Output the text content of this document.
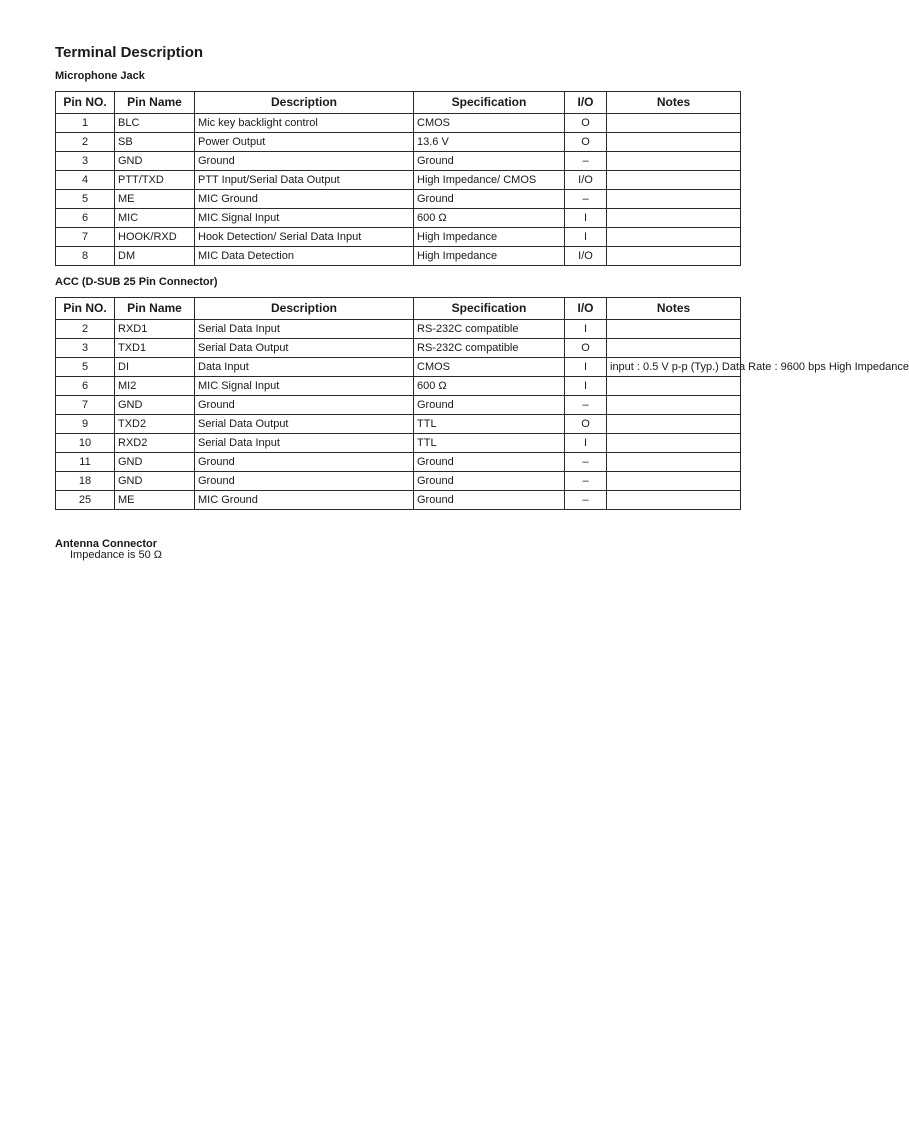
Terminal Description
Microphone Jack
Pin NO.	Pin Name	Description	Specification	I/O	Notes
1	BLC	Mic key backlight control	CMOS	O	
2	SB	Power Output	13.6 V	O	
3	GND	Ground	Ground	–	
4	PTT/TXD	PTT Input/Serial Data Output	High Impedance/ CMOS	I/O	
5	ME	MIC Ground	Ground	–	
6	MIC	MIC Signal Input	600 Ω	I	
7	HOOK/RXD	Hook Detection/ Serial Data Input	High Impedance	I	
8	DM	MIC Data Detection	High Impedance	I/O	
ACC (D-SUB 25 Pin Connector)
Pin NO.	Pin Name	Description	Specification	I/O	Notes
2	RXD1	Serial Data Input	RS-232C compatible	I	
3	TXD1	Serial Data Output	RS-232C compatible	O	
5	DI	Data Input	CMOS	I	input : 0.5 V p-p (Typ.) Data Rate : 9600 bps High Impedance
6	MI2	MIC Signal Input	600 Ω	I	
7	GND	Ground	Ground	–	
9	TXD2	Serial Data Output	TTL	O	
10	RXD2	Serial Data Input	TTL	I	
11	GND	Ground	Ground	–	
18	GND	Ground	Ground	–	
25	ME	MIC Ground	Ground	–	
Antenna Connector

Impedance is 50 Ω
